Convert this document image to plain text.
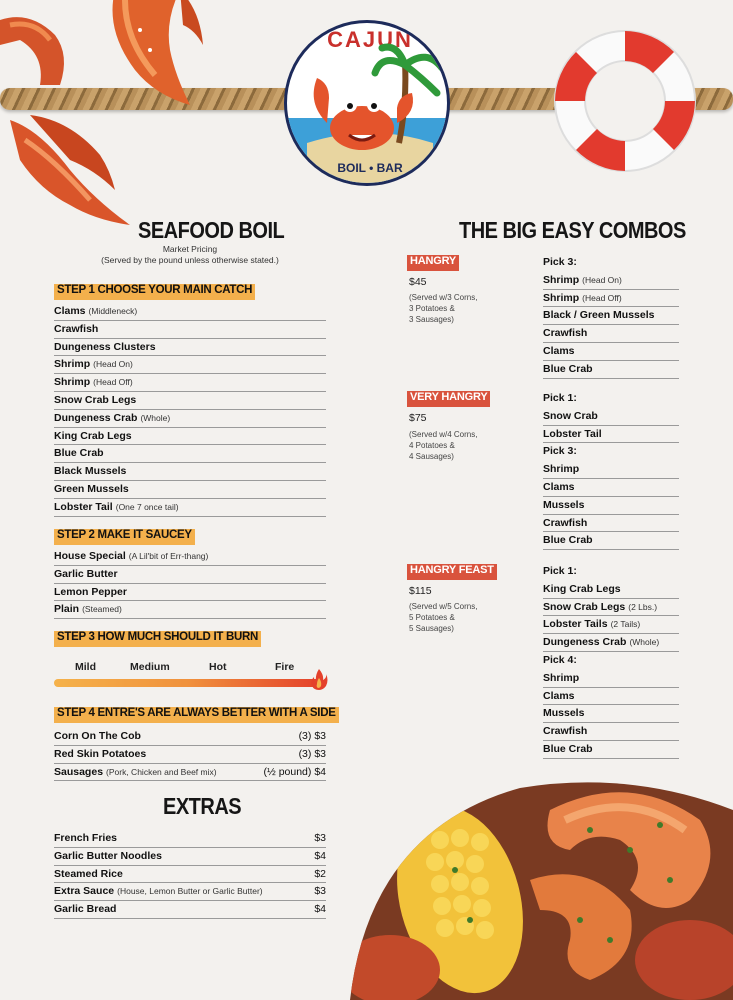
CAJUN
BOIL • BAR
SEAFOOD BOIL
Market Pricing
(Served by the pound unless otherwise stated.)
STEP 1 CHOOSE YOUR MAIN CATCH
Clams (Middleneck)
Crawfish
Dungeness Clusters
Shrimp (Head On)
Shrimp (Head Off)
Snow Crab Legs
Dungeness Crab (Whole)
King Crab Legs
Blue Crab
Black Mussels
Green Mussels
Lobster Tail (One 7 once tail)
STEP 2 MAKE IT SAUCEY
House Special (A Lil'bit of Err-thang)
Garlic Butter
Lemon Pepper
Plain (Steamed)
STEP 3 HOW MUCH SHOULD IT BURN
Mild	Medium	Hot	Fire
STEP 4 ENTRE'S ARE ALWAYS BETTER WITH A SIDE
Corn On The Cob	(3) $3
Red Skin Potatoes	(3) $3
Sausages (Pork, Chicken and Beef mix)	(½ pound) $4
EXTRAS
French Fries	$3
Garlic Butter Noodles	$4
Steamed Rice	$2
Extra Sauce (House, Lemon Butter or Garlic Butter)	$3
Garlic Bread	$4
THE BIG EASY COMBOS
HANGRY
$45
(Served w/3 Corns,
3 Potatoes &
3 Sausages)
Pick 3:
Shrimp (Head On)
Shrimp (Head Off)
Black / Green Mussels
Crawfish
Clams
Blue Crab
VERY HANGRY
$75
(Served w/4 Corns,
4 Potatoes &
4 Sausages)
Pick 1:
Snow Crab
Lobster Tail
Pick 3:
Shrimp
Clams
Mussels
Crawfish
Blue Crab
HANGRY FEAST
$115
(Served w/5 Corns,
5 Potatoes &
5 Sausages)
Pick 1:
King Crab Legs
Snow Crab Legs (2 Lbs.)
Lobster Tails (2 Tails)
Dungeness Crab (Whole)
Pick 4:
Shrimp
Clams
Mussels
Crawfish
Blue Crab
